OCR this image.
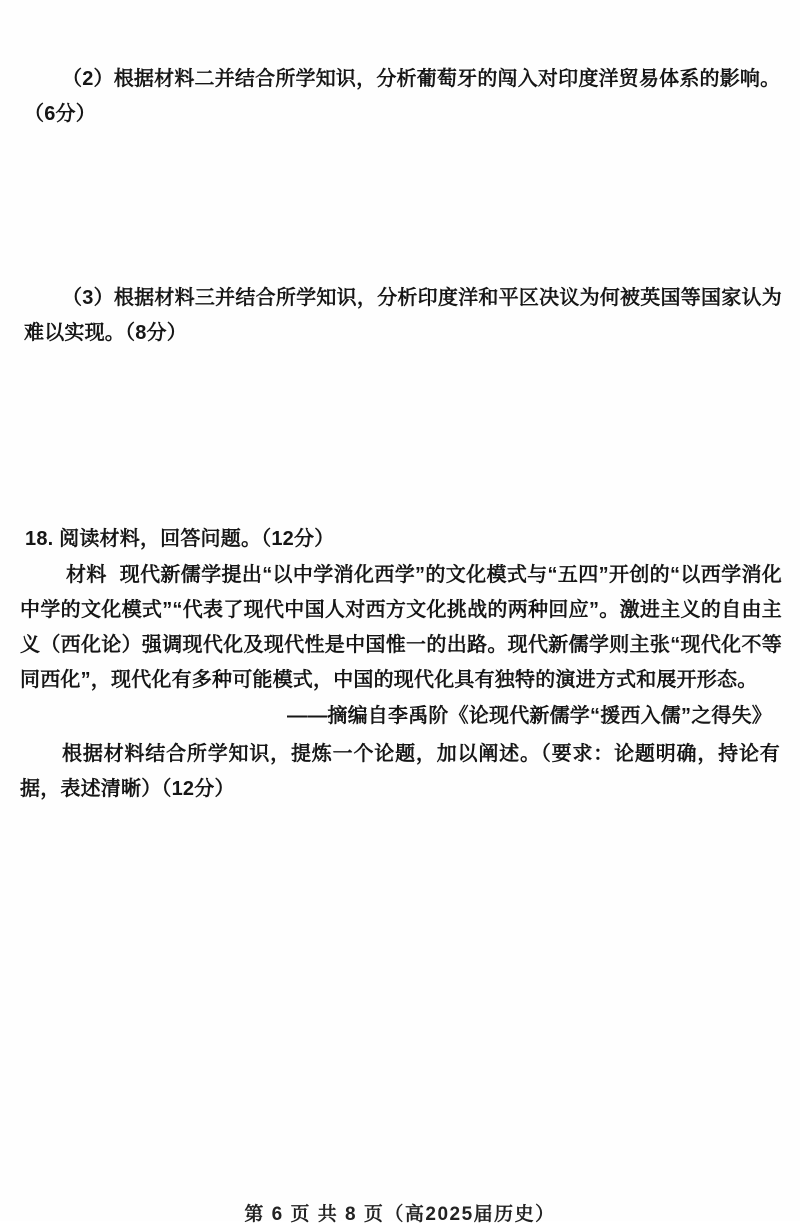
（2）根据材料二并结合所学知识，分析葡萄牙的闯入对印度洋贸易体系的影响。（6分）

（3）根据材料三并结合所学知识，分析印度洋和平区决议为何被英国等国家认为难以实现。（8分）

18. 阅读材料，回答问题。（12分）

材料 现代新儒学提出“以中学消化西学”的文化模式与“五四”开创的“以西学消化中学的文化模式”“代表了现代中国人对西方文化挑战的两种回应”。激进主义的自由主义（西化论）强调现代化及现代性是中国惟一的出路。现代新儒学则主张“现代化不等同西化”，现代化有多种可能模式，中国的现代化具有独特的演进方式和展开形态。

——摘编自李禹阶《论现代新儒学“援西入儒”之得失》

根据材料结合所学知识，提炼一个论题，加以阐述。（要求：论题明确，持论有据，表述清晰）（12分）

第 6 页 共 8 页（高2025届历史）
